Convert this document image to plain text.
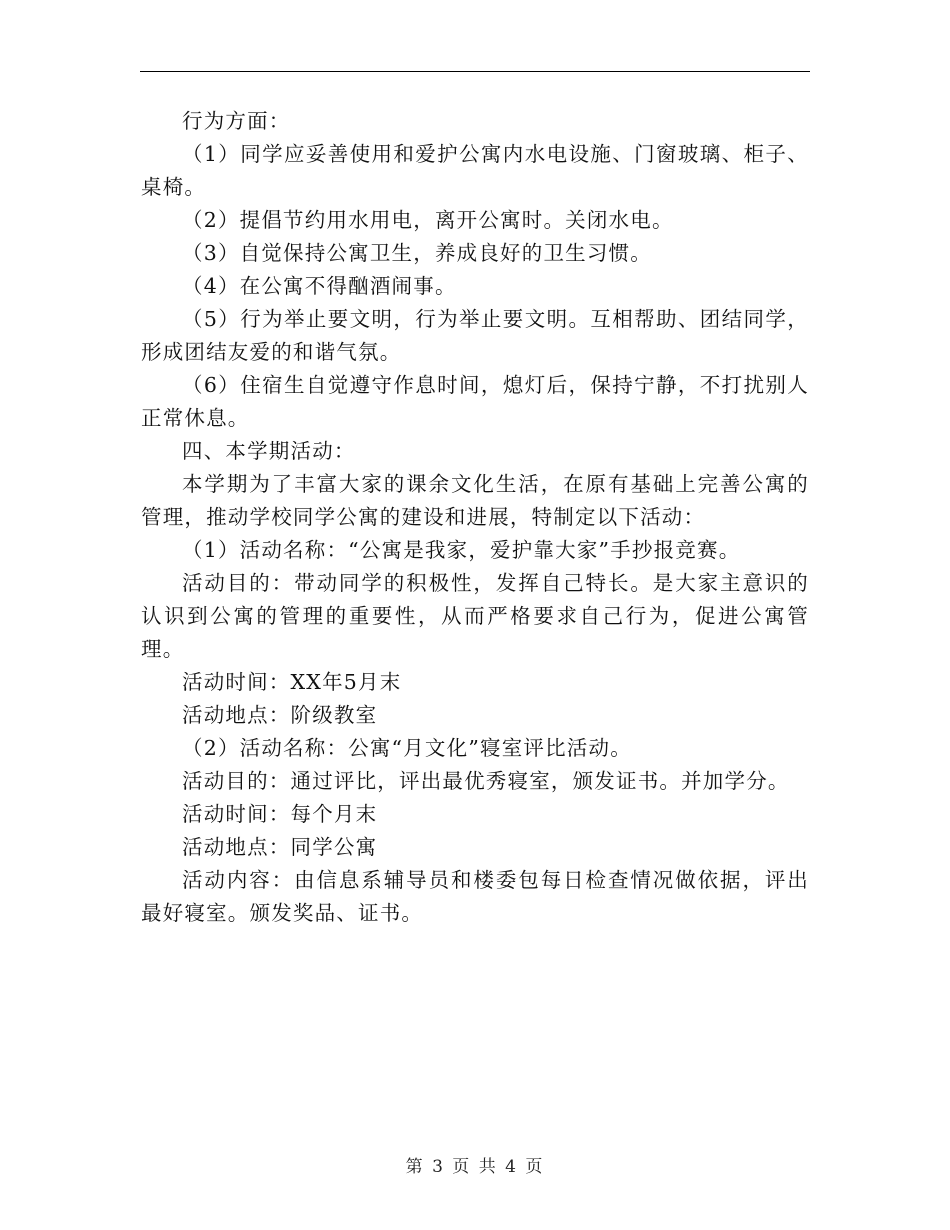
行为方面：

（1）同学应妥善使用和爱护公寓内水电设施、门窗玻璃、柜子、桌椅。

（2）提倡节约用水用电，离开公寓时。关闭水电。

（3）自觉保持公寓卫生，养成良好的卫生习惯。

（4）在公寓不得酗酒闹事。

（5）行为举止要文明，行为举止要文明。互相帮助、团结同学，形成团结友爱的和谐气氛。

（6）住宿生自觉遵守作息时间，熄灯后，保持宁静，不打扰别人正常休息。

四、本学期活动：

本学期为了丰富大家的课余文化生活，在原有基础上完善公寓的管理，推动学校同学公寓的建设和进展，特制定以下活动：

（1）活动名称：“公寓是我家，爱护靠大家”手抄报竞赛。

活动目的：带动同学的积极性，发挥自己特长。是大家主意识的认识到公寓的管理的重要性，从而严格要求自己行为，促进公寓管理。

活动时间：XX年5月末

活动地点：阶级教室

（2）活动名称：公寓“月文化”寝室评比活动。

活动目的：通过评比，评出最优秀寝室，颁发证书。并加学分。

活动时间：每个月末

活动地点：同学公寓

活动内容：由信息系辅导员和楼委包每日检查情况做依据，评出最好寝室。颁发奖品、证书。

第 3 页 共 4 页
